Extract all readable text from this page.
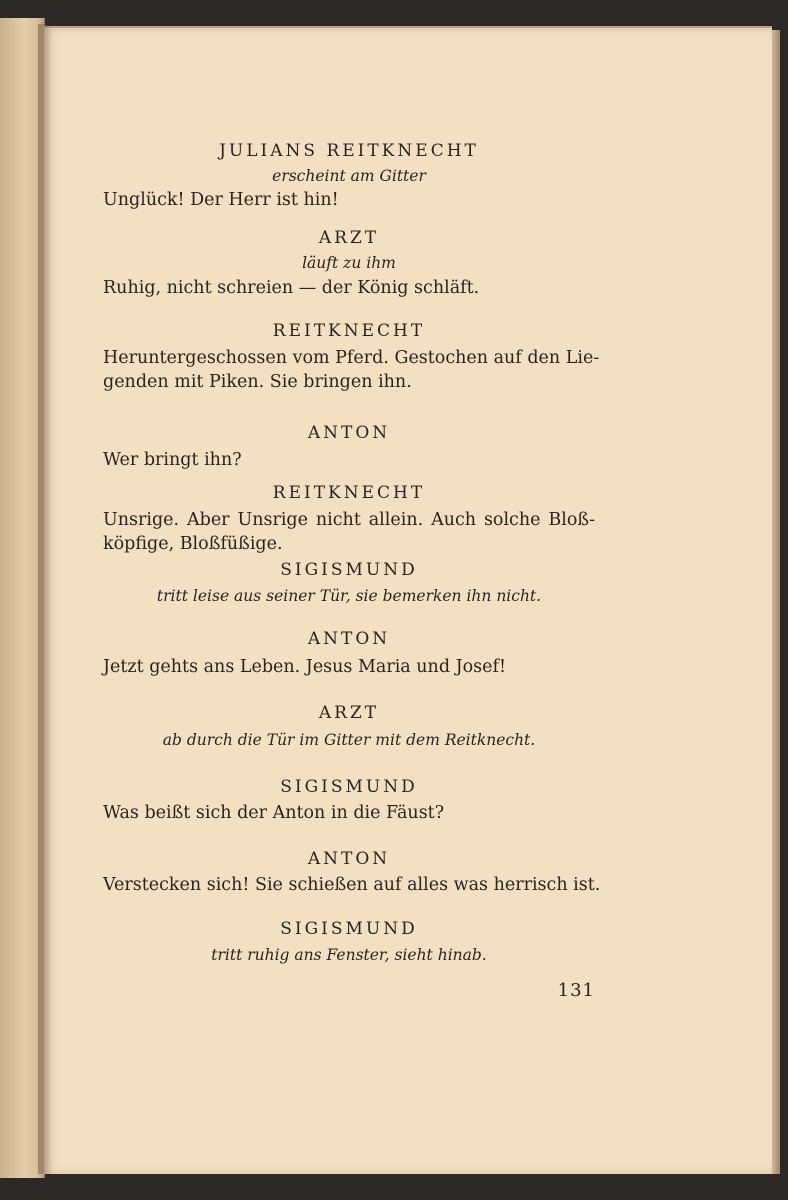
JULIANS REITKNECHT
erscheint am Gitter
Unglück! Der Herr ist hin!
ARZT
läuft zu ihm
Ruhig, nicht schreien — der König schläft.
REITKNECHT
Heruntergeschossen vom Pferd. Gestochen auf den Lie-
genden mit Piken. Sie bringen ihn.
ANTON
Wer bringt ihn?
REITKNECHT
Unsrige. Aber Unsrige nicht allein. Auch solche Bloß-
köpfige, Bloßfüßige.
SIGISMUND
tritt leise aus seiner Tür, sie bemerken ihn nicht.
ANTON
Jetzt gehts ans Leben. Jesus Maria und Josef!
ARZT
ab durch die Tür im Gitter mit dem Reitknecht.
SIGISMUND
Was beißt sich der Anton in die Fäust?
ANTON
Verstecken sich! Sie schießen auf alles was herrisch ist.
SIGISMUND
tritt ruhig ans Fenster, sieht hinab.
131
